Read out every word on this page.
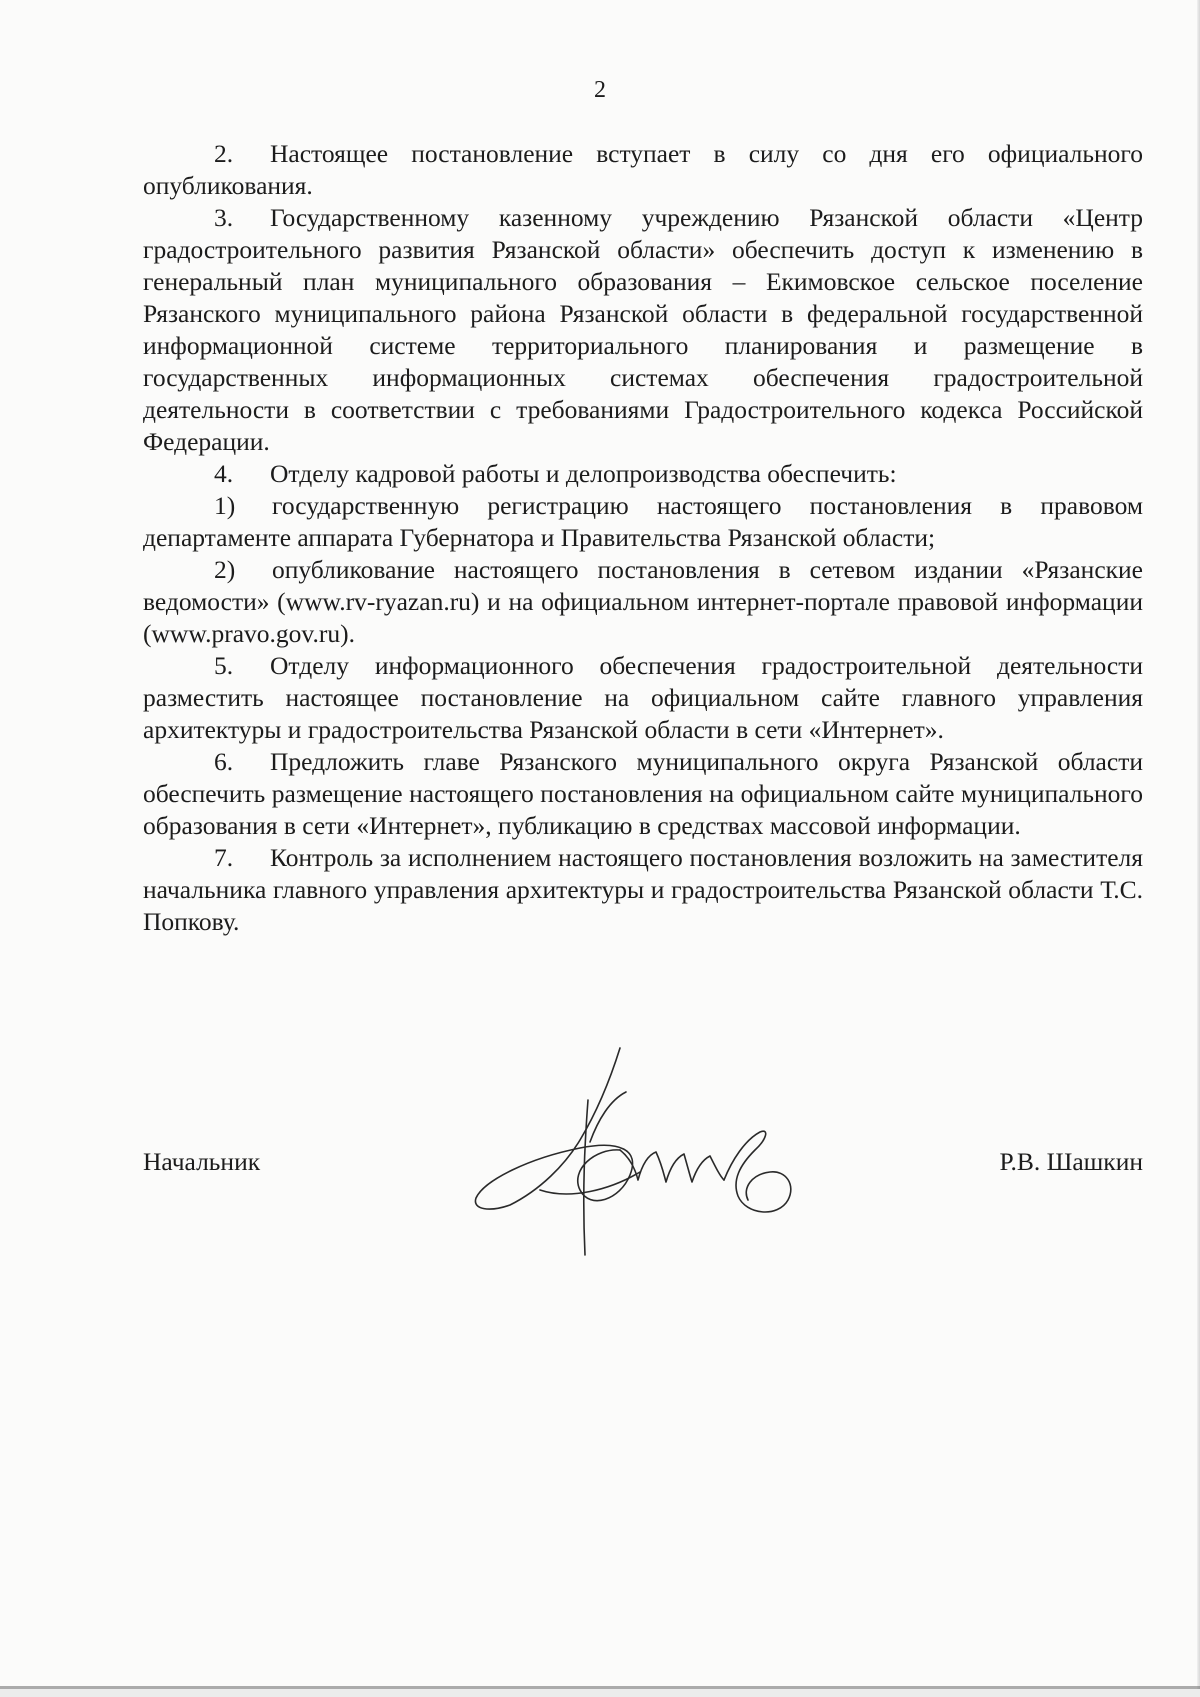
2

2. Настоящее постановление вступает в силу со дня его официального опубликования.

3. Государственному казенному учреждению Рязанской области «Центр градостроительного развития Рязанской области» обеспечить доступ к изменению в генеральный план муниципального образования – Екимовское сельское поселение Рязанского муниципального района Рязанской области в федеральной государственной информационной системе территориального планирования и размещение в государственных информационных системах обеспечения градостроительной деятельности в соответствии с требованиями Градостроительного кодекса Российской Федерации.

4. Отделу кадровой работы и делопроизводства обеспечить:

1) государственную регистрацию настоящего постановления в правовом департаменте аппарата Губернатора и Правительства Рязанской области;

2) опубликование настоящего постановления в сетевом издании «Рязанские ведомости» (www.rv-ryazan.ru) и на официальном интернет-портале правовой информации (www.pravo.gov.ru).

5. Отделу информационного обеспечения градостроительной деятельности разместить настоящее постановление на официальном сайте главного управления архитектуры и градостроительства Рязанской области в сети «Интернет».

6. Предложить главе Рязанского муниципального округа Рязанской области обеспечить размещение настоящего постановления на официальном сайте муниципального образования в сети «Интернет», публикацию в средствах массовой информации.

7. Контроль за исполнением настоящего постановления возложить на заместителя начальника главного управления архитектуры и градостроительства Рязанской области Т.С. Попкову.

Начальник	Р.В. Шашкин
